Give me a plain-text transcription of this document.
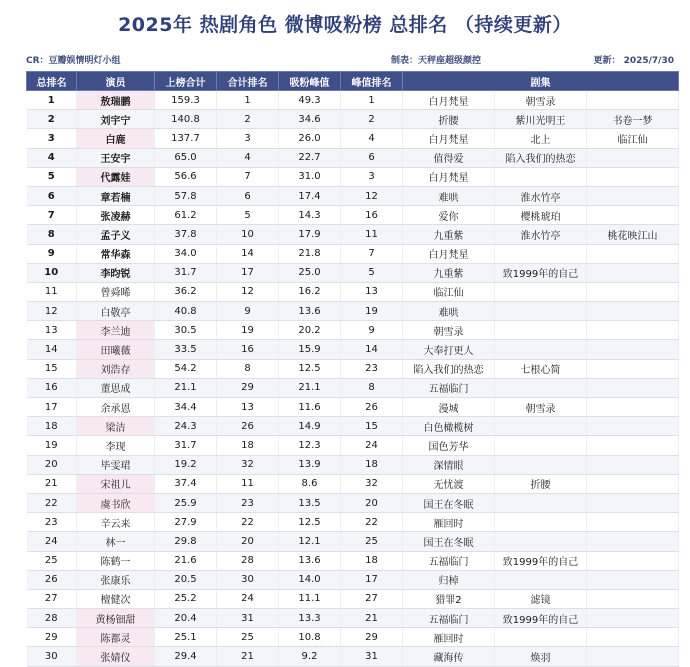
2025年 热剧角色 微博吸粉榜 总排名 （持续更新）
CR：豆瓣娱情明灯小组	制表：天秤座超级颜控	更新： 2025/7/30
总排名	演员	上榜合计	合计排名	吸粉峰值	峰值排名	剧集		
1	敖瑞鹏	159.3	1	49.3	1	白月梵星	朝雪录	
2	刘宇宁	140.8	2	34.6	2	折腰	紫川光明王	书卷一梦
3	白鹿	137.7	3	26.0	4	白月梵星	北上	临江仙
4	王安宇	65.0	4	22.7	6	值得爱	陷入我们的热恋	
5	代露娃	56.6	7	31.0	3	白月梵星		
6	章若楠	57.8	6	17.4	12	难哄	淮水竹亭	
7	张凌赫	61.2	5	14.3	16	爱你	樱桃琥珀	
8	孟子义	37.8	10	17.9	11	九重紫	淮水竹亭	桃花映江山
9	常华森	34.0	14	21.8	7	白月梵星		
10	李昀锐	31.7	17	25.0	5	九重紫	致1999年的自己	
11	曾舜晞	36.2	12	16.2	13	临江仙		
12	白敬亭	40.8	9	13.6	19	难哄		
13	李兰迪	30.5	19	20.2	9	朝雪录		
14	田曦薇	33.5	16	15.9	14	大奉打更人		
15	刘浩存	54.2	8	12.5	23	陷入我们的热恋	七根心简	
16	董思成	21.1	29	21.1	8	五福临门		
17	余承恩	34.4	13	11.6	26	漫城	朝雪录	
18	梁洁	24.3	26	14.9	15	白色橄榄树		
19	李现	31.7	18	12.3	24	国色芳华		
20	毕雯珺	19.2	32	13.9	18	深情眼		
21	宋祖儿	37.4	11	8.6	32	无忧渡	折腰	
22	虞书欣	25.9	23	13.5	20	国王在冬眠		
23	辛云来	27.9	22	12.5	22	雁回时		
24	林一	29.8	20	12.1	25	国王在冬眠		
25	陈鹤一	21.6	28	13.6	18	五福临门	致1999年的自己	
26	张康乐	20.5	30	14.0	17	归棹		
27	檀健次	25.2	24	11.1	27	猎罪2	滤镜	
28	黄杨钿甜	20.4	31	13.3	21	五福临门	致1999年的自己	
29	陈都灵	25.1	25	10.8	29	雁回时		
30	张婧仪	29.4	21	9.2	31	藏海传	焕羽	
· · · · · · ·
